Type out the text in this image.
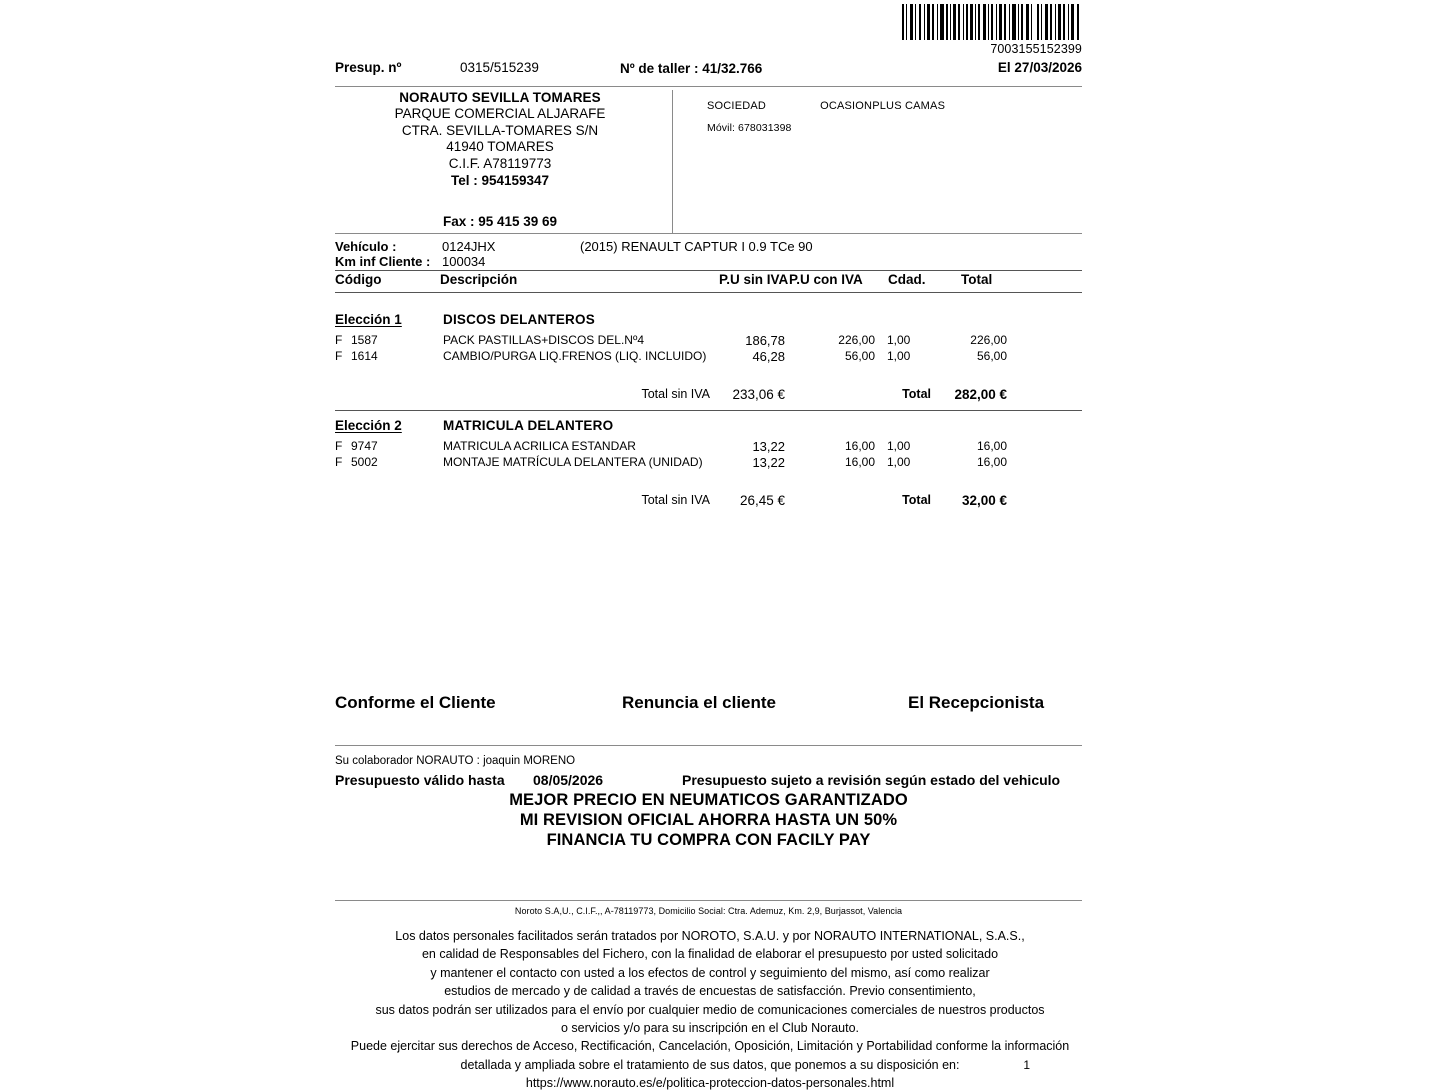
7003155152399
Presup. nº	0315/515239	Nº de taller : 41/32.766	El 27/03/2026
NORAUTO SEVILLA TOMARES
PARQUE COMERCIAL ALJARAFE
CTRA. SEVILLA-TOMARES S/N
41940 TOMARES
C.I.F. A78119773
Tel : 954159347
Fax : 95 415 39 69
SOCIEDAD	OCASIONPLUS CAMAS
Móvil: 678031398
Vehículo :	0124JHX	(2015) RENAULT CAPTUR I 0.9 TCe 90
Km inf Cliente : 100034
Código	Descripción	P.U sin IVA P.U con IVA Cdad.	Total
Elección 1	DISCOS DELANTEROS
F 1587	PACK PASTILLAS+DISCOS DEL.Nº4	186,78	226,00 1,00	226,00
F 1614	CAMBIO/PURGA LIQ.FRENOS (LIQ. INCLUIDO)	46,28	56,00 1,00	56,00
Total sin IVA	233,06 €	Total	282,00 €
Elección 2	MATRICULA DELANTERO
F 9747	MATRICULA ACRILICA ESTANDAR	13,22	16,00 1,00	16,00
F 5002	MONTAJE MATRÍCULA DELANTERA (UNIDAD)	13,22	16,00 1,00	16,00
Total sin IVA	26,45 €	Total	32,00 €
Conforme el Cliente	Renuncia el cliente	El Recepcionista
Su colaborador NORAUTO : joaquin MORENO
Presupuesto válido hasta 08/05/2026	Presupuesto sujeto a revisión según estado del vehiculo
MEJOR PRECIO EN NEUMATICOS GARANTIZADO
MI REVISION OFICIAL AHORRA HASTA UN 50%
FINANCIA TU COMPRA CON FACILY PAY
Noroto S.A,U., C.I.F.,, A-78119773, Domicilio Social: Ctra. Ademuz, Km. 2,9, Burjassot, Valencia
Los datos personales facilitados serán tratados por NOROTO, S.A.U. y por NORAUTO INTERNATIONAL, S.A.S.,
en calidad de Responsables del Fichero, con la finalidad de elaborar el presupuesto por usted solicitado
y mantener el contacto con usted a los efectos de control y seguimiento del mismo, así como realizar
estudios de mercado y de calidad a través de encuestas de satisfacción. Previo consentimiento,
sus datos podrán ser utilizados para el envío por cualquier medio de comunicaciones comerciales de nuestros productos
o servicios y/o para su inscripción en el Club Norauto.
Puede ejercitar sus derechos de Acceso, Rectificación, Cancelación, Oposición, Limitación y Portabilidad conforme la información
detallada y ampliada sobre el tratamiento de sus datos, que ponemos a su disposición en:
https://www.norauto.es/e/politica-proteccion-datos-personales.html
1
